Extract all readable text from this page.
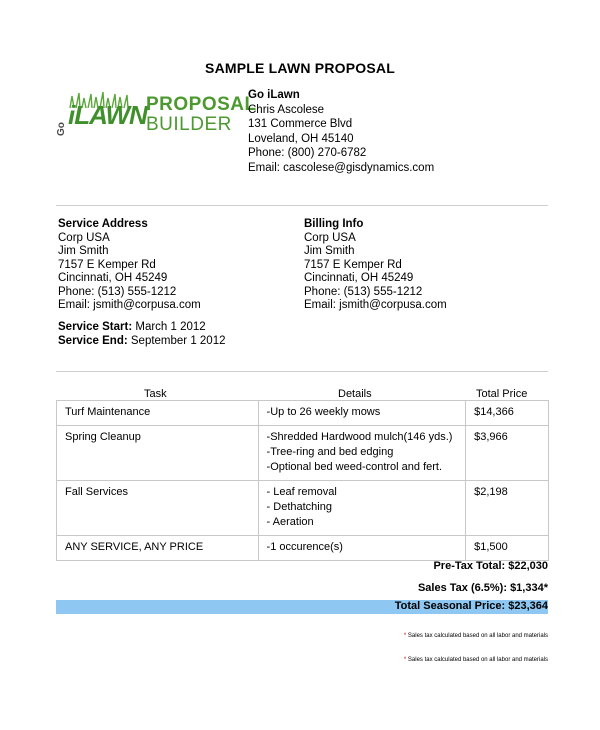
SAMPLE LAWN PROPOSAL
Go iLAWN PROPOSAL
BUILDER
Go iLawn
Chris Ascolese
131 Commerce Blvd
Loveland, OH 45140
Phone: (800) 270-6782
Email: cascolese@gisdynamics.com
Service Address
Corp USA
Jim Smith
7157 E Kemper Rd
Cincinnati, OH 45249
Phone: (513) 555-1212
Email: jsmith@corpusa.com
Billing Info
Corp USA
Jim Smith
7157 E Kemper Rd
Cincinnati, OH 45249
Phone: (513) 555-1212
Email: jsmith@corpusa.com
Service Start: March 1 2012
Service End: September 1 2012
Task	Details	Total Price
Turf Maintenance	-Up to 26 weekly mows	$14,366
Spring Cleanup	-Shredded Hardwood mulch(146 yds.)
-Tree-ring and bed edging
-Optional bed weed-control and fert.	$3,966
Fall Services	- Leaf removal
- Dethatching
- Aeration	$2,198
ANY SERVICE, ANY PRICE	-1 occurence(s)	$1,500
Pre-Tax Total: $22,030
Sales Tax (6.5%): $1,334*
Total Seasonal Price: $23,364
* Sales tax calculated based on all labor and materials
* Sales tax calculated based on all labor and materials
